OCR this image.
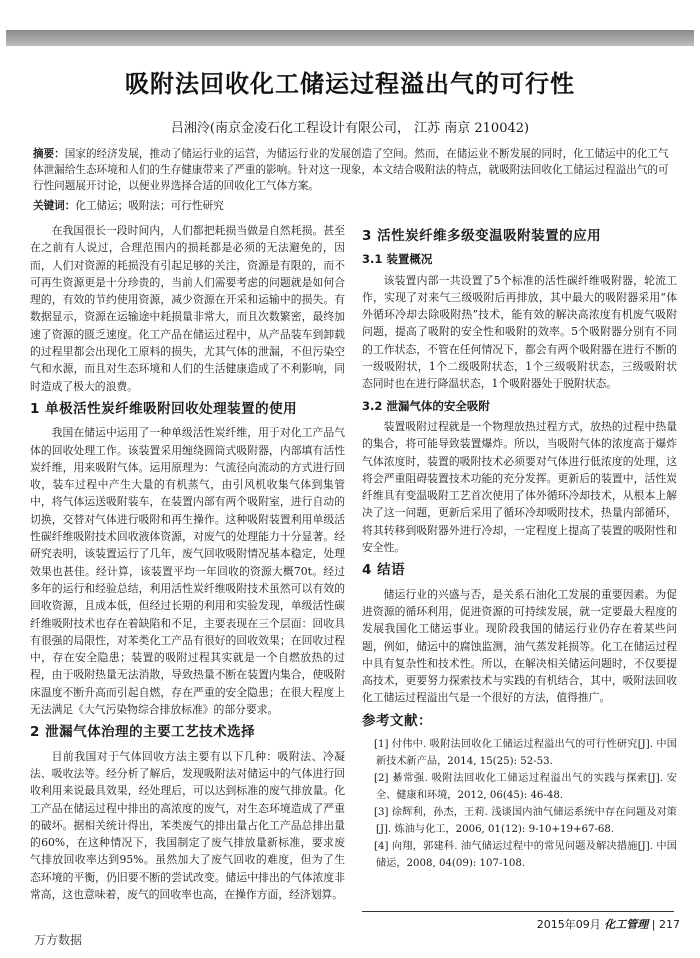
吸附法回收化工储运过程溢出气的可行性
吕湘泠(南京金凌石化工程设计有限公司， 江苏 南京 210042)
摘要：国家的经济发展，推动了储运行业的运营，为储运行业的发展创造了空间。然而，在储运业不断发展的同时，化工储运中的化工气体泄漏给生态环境和人们的生存健康带来了严重的影响。针对这一现象，本文结合吸附法的特点，就吸附法回收化工储运过程溢出气的可行性问题展开讨论，以便业界选择合适的回收化工气体方案。
关键词：化工储运；吸附法；可行性研究

在我国很长一段时间内，人们都把耗损当做是自然耗损。甚至在之前有人说过，合理范围内的损耗都是必须的无法避免的，因而，人们对资源的耗损没有引起足够的关注，资源是有限的，而不可再生资源更是十分珍贵的，当前人们需要考虑的问题就是如何合理的，有效的节约使用资源，减少资源在开采和运输中的损失。有数据显示，资源在运输途中耗损量非常大，而且次数繁密，最终加速了资源的匮乏速度。化工产品在储运过程中，从产品装车到卸载的过程里都会出现化工原料的损失，尤其气体的泄漏，不但污染空气和水源，而且对生态环境和人们的生活健康造成了不利影响，同时造成了极大的浪费。

1 单极活性炭纤维吸附回收处理装置的使用

我国在储运中运用了一种单级活性炭纤维，用于对化工产品气体的回收处理工作。该装置采用缠绕圆筒式吸附器，内部填有活性炭纤维，用来吸附气体。运用原理为：气流径向流动的方式进行回收，装车过程中产生大量的有机蒸气，由引风机收集气体到集管中，将气体运送吸附装车，在装置内部有两个吸附室，进行自动的切换，交替对气体进行吸附和再生操作。这种吸附装置利用单级活性碳纤维吸附技术回收液体资源，对废气的处理能力十分显著。经研究表明，该装置运行了几年，废气回收吸附情况基本稳定，处理效果也甚佳。经计算，该装置平均一年回收的资源大概70t。经过多年的运行和经验总结，利用活性炭纤维吸附技术虽然可以有效的回收资源，且成本低，但经过长期的利用和实验发现，单级活性碳纤维吸附技术也存在着缺陷和不足，主要表现在三个层面：回收具有很强的局限性，对苯类化工产品有很好的回收效果；在回收过程中，存在安全隐患；装置的吸附过程其实就是一个自燃放热的过程，由于吸附热量无法消散，导致热量不断在装置内集合，使吸附床温度不断升高而引起自燃，存在严重的安全隐患；在很大程度上无法满足《大气污染物综合排放标准》的部分要求。

2 泄漏气体治理的主要工艺技术选择

目前我国对于气体回收方法主要有以下几种：吸附法、冷凝法、吸收法等。经分析了解后，发现吸附法对储运中的气体进行回收利用来说最具效果，经处理后，可以达到标准的废气排放量。化工产品在储运过程中排出的高浓度的废气，对生态环境造成了严重的破坏。据相关统计得出，苯类废气的排出量占化工产品总排出量的60%，在这种情况下，我国制定了废气排放量新标准，要求废气排放回收率达到95%。虽然加大了废气回收的难度，但为了生态环境的平衡，仍旧要不断的尝试改变。储运中排出的气体浓度非常高，这也意味着，废气的回收率也高，在操作方面，经济划算。

3 活性炭纤维多级变温吸附装置的应用
3.1 装置概况

该装置内部一共设置了5个标准的活性碳纤维吸附器，轮流工作，实现了对来气三级吸附后再排放，其中最大的吸附器采用“体外循环冷却去除吸附热”技术，能有效的解决高浓度有机废气吸附问题，提高了吸附的安全性和吸附的效率。5个吸附器分别有不同的工作状态，不管在任何情况下，都会有两个吸附器在进行不断的一级吸附状，1个二级吸附状态，1个三级吸附状态，三级吸附状态同时也在进行降温状态，1个吸附器处于脱附状态。

3.2 泄漏气体的安全吸附

装置吸附过程就是一个物理放热过程方式，放热的过程中热量的集合，将可能导致装置爆炸。所以，当吸附气体的浓度高于爆炸气体浓度时，装置的吸附技术必须要对气体进行低浓度的处理，这将会严重阻碍装置技术功能的充分发挥。更新后的装置中，活性炭纤维具有变温吸附工艺首次使用了体外循环冷却技术，从根本上解决了这一问题，更新后采用了循环冷却吸附技术，热量内部循环，将其转移到吸附器外进行冷却，一定程度上提高了装置的吸附性和安全性。

4 结语

储运行业的兴盛与否，是关系石油化工发展的重要因素。为促进资源的循环利用，促进资源的可持续发展，就一定要最大程度的发展我国化工储运事业。现阶段我国的储运行业仍存在着某些问题，例如，储运中的腐蚀监测，油气蒸发耗损等。化工在储运过程中具有复杂性和技术性。所以，在解决相关储运问题时，不仅要提高技术，更要努力探索技术与实践的有机结合，其中，吸附法回收化工储运过程溢出气是一个很好的方法，值得推广。

参考文献：

[1] 付伟中. 吸附法回收化工储运过程溢出气的可行性研究[J]. 中国新技术新产品，2014, 15(25): 52-53.

[2] 綦常强. 吸附法回收化工储运过程溢出气的实践与探索[J]. 安全、健康和环境，2012, 06(45): 46-48.

[3] 徐辉利，孙杰，王莉. 浅谈国内油气储运系统中存在问题及对策[J]. 炼油与化工，2006, 01(12): 9-10+19+67-68.

[4] 向翔，郭建科. 油气储运过程中的常见问题及解决措施[J]. 中国储运，2008, 04(09): 107-108.

2015年09月 化工管理 | 217
万方数据
